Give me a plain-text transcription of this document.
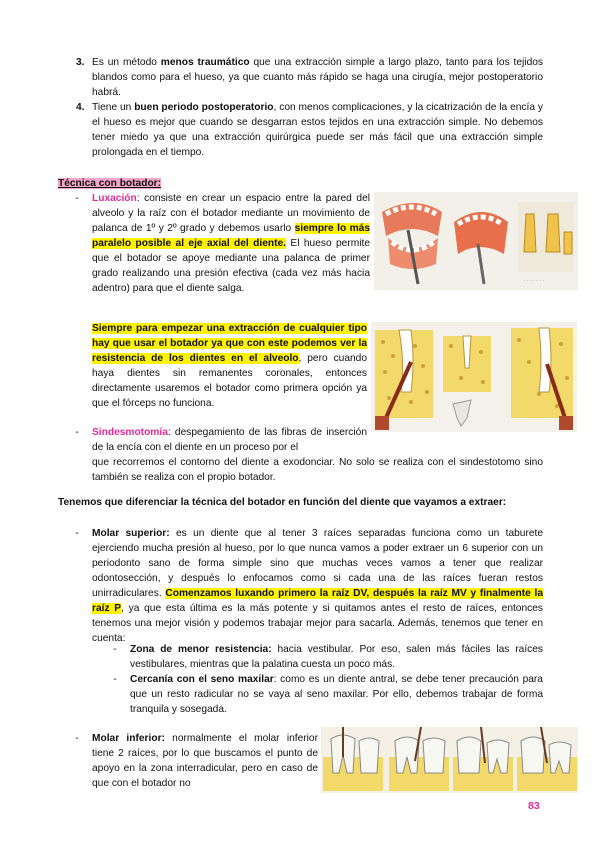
3. Es un método menos traumático que una extracción simple a largo plazo, tanto para los tejidos blandos como para el hueso, ya que cuanto más rápido se haga una cirugía, mejor postoperatorio habrá.
4. Tiene un buen periodo postoperatorio, con menos complicaciones, y la cicatrización de la encía y el hueso es mejor que cuando se desgarran estos tejidos en una extracción simple. No debemos tener miedo ya que una extracción quirúrgica puede ser más fácil que una extracción simple prolongada en el tiempo.
Técnica con botador:
-	Luxación: consiste en crear un espacio entre la pared del alveolo y la raíz con el botador mediante un movimiento de palanca de 1º y 2º grado y debemos usarlo siempre lo más paralelo posible al eje axial del diente. El hueso permite que el botador se apoye mediante una palanca de primer grado realizando una presión efectiva (cada vez más hacia adentro) para que el diente salga.
· · · · · · ·
Siempre para empezar una extracción de cualquier tipo hay que usar el botador ya que con este podemos ver la resistencia de los dientes en el alveolo, pero cuando haya dientes sin remanentes coronales, entonces directamente usaremos el botador como primera opción ya que el fórceps no funciona.
-	Sindesmotomía: despegamiento de las fibras de inserción de la encía con el diente en un proceso por el
que recorremos el contorno del diente a exodonciar. No solo se realiza con el sindestotomo sino también se realiza con el propio botador.
Tenemos que diferenciar la técnica del botador en función del diente que vayamos a extraer:
-	Molar superior: es un diente que al tener 3 raíces separadas funciona como un taburete ejerciendo mucha presión al hueso, por lo que nunca vamos a poder extraer un 6 superior con un periodonto sano de forma simple sino que muchas veces vamos a tener que realizar odontosección, y después lo enfocamos como si cada una de las raíces fueran restos unirradiculares. Comenzamos luxando primero la raíz DV, después la raíz MV y finalmente la raíz P, ya que esta última es la más potente y si quitamos antes el resto de raíces, entonces tenemos una mejor visión y podemos trabajar mejor para sacarla. Además, tenemos que tener en cuenta:
-	Zona de menor resistencia: hacia vestibular. Por eso, salen más fáciles las raíces vestibulares, mientras que la palatina cuesta un poco más.
-	Cercanía con el seno maxilar: como es un diente antral, se debe tener precaución para que un resto radicular no se vaya al seno maxilar. Por ello, debemos trabajar de forma tranquila y sosegada.
-	Molar inferior: normalmente el molar inferior tiene 2 raíces, por lo que buscamos el punto de apoyo en la zona interradicular, pero en caso de que con el botador no
83
